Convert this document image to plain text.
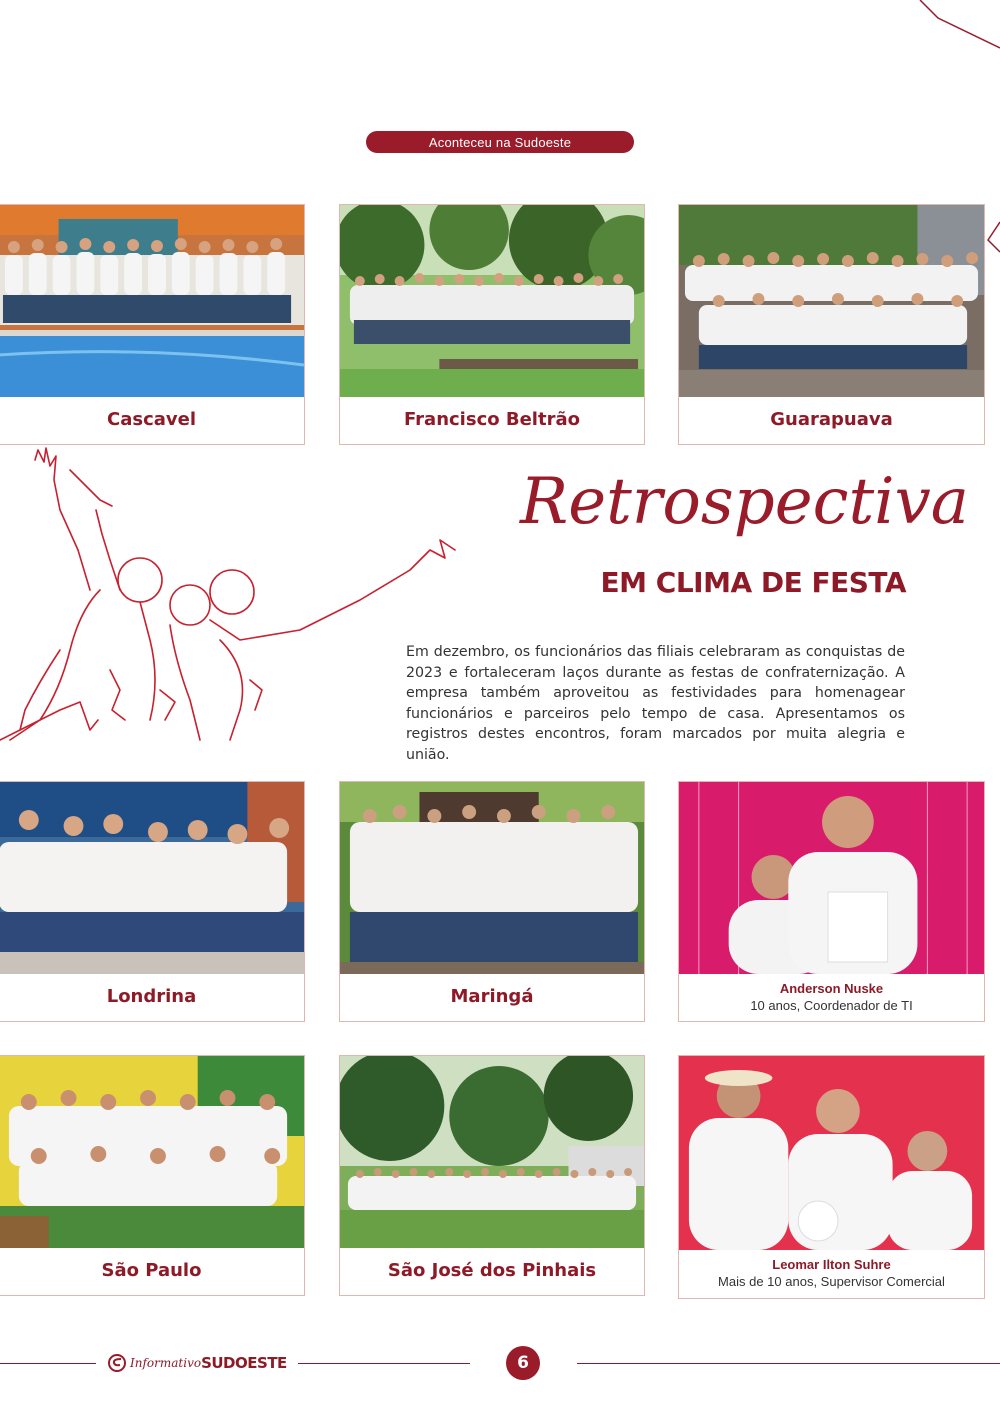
Aconteceu na Sudoeste
Cascavel	Francisco Beltrão	Guarapuava
Retrospectiva
EM CLIMA DE FESTA
Em dezembro, os funcionários das filiais celebraram as conquistas de 2023 e fortaleceram laços durante as festas de confraternização. A empresa também aproveitou as festividades para homenagear funcionários e parceiros pelo tempo de casa. Apresentamos os registros destes encontros, foram marcados por muita alegria e união.
Londrina	Maringá	Anderson Nuske
10 anos, Coordenador de TI
São Paulo	São José dos Pinhais	Leomar Ilton Suhre
Mais de 10 anos, Supervisor Comercial
Informativo SUDOESTE	6
